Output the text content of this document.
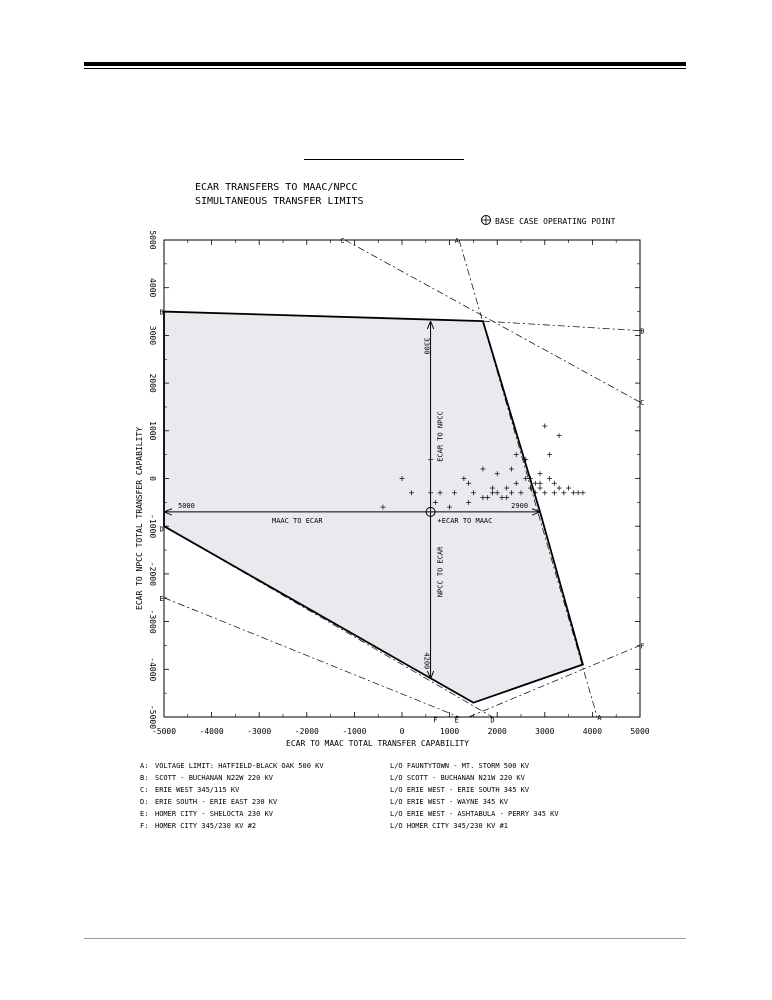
ECAR TRANSFERS TO MAAC/NPCC
SIMULTANEOUS TRANSFER LIMITS
BASE CASE OPERATING POINT
A
A
B
B
C
C
D
D
E
E
F
F
-5000	-4000	-3000	-2000	-1000	0	1000	2000	3000	4000	5000
-5000
-4000
-3000
-2000
-1000
0
1000
2000
3000
4000
5000
MAAC TO ECAR
5000
+ECAR TO MAAC
2900
ECAR TO NPCC
3300
NPCC TO ECAR
4200
ECAR TO MAAC TOTAL TRANSFER CAPABILITY
ECAR TO NPCC TOTAL TRANSFER CAPABILITY
A: VOLTAGE LIMIT: HATFIELD-BLACK OAK 500 KV	L/O FAUNTYTOWN - MT. STORM 500 KV
B: SCOTT - BUCHANAN N22W 220 KV	L/O SCOTT - BUCHANAN N21W 220 KV
C: ERIE WEST 345/115 KV	L/O ERIE WEST - ERIE SOUTH 345 KV
D: ERIE SOUTH - ERIE EAST 230 KV	L/O ERIE WEST - WAYNE 345 KV
E: HOMER CITY - SHELOCTA 230 KV	L/O ERIE WEST - ASHTABULA - PERRY 345 KV
F: HOMER CITY 345/230 KV #2	L/O HOMER CITY 345/230 KV #1
